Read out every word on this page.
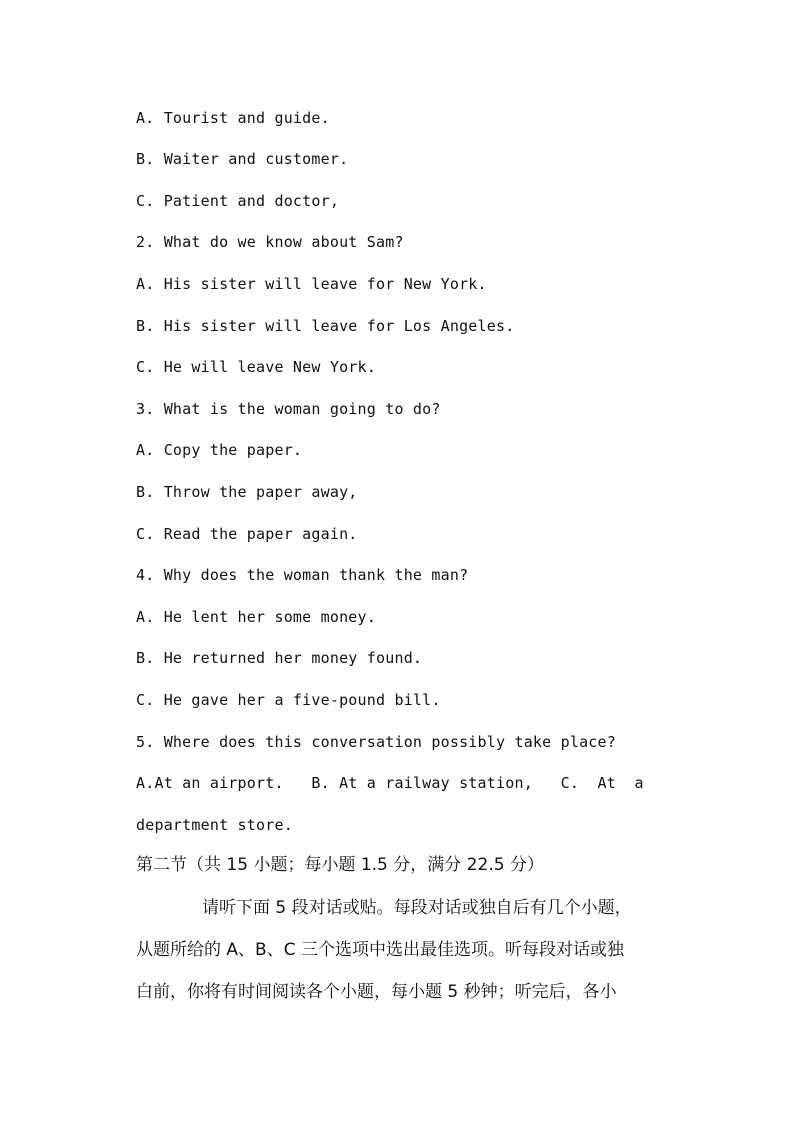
A. Tourist and guide.
B. Waiter and customer.
C. Patient and doctor,
2. What do we know about Sam?
A. His sister will leave for New York.
B. His sister will leave for Los Angeles.
C. He will leave New York.
3. What is the woman going to do?
A. Copy the paper.
B. Throw the paper away,
C. Read the paper again.
4. Why does the woman thank the man?
A. He lent her some money.
B. He returned her money found.
C. He gave her a five-pound bill.
5. Where does this conversation possibly take place?
A.At an airport.   B. At a railway station,   C.  At  a
department store.
第二节（共 15 小题；每小题 1.5 分，满分 22.5 分）
请听下面 5 段对话或贴。每段对话或独自后有几个小题，
从题所给的 A、B、C 三个选项中选出最佳选项。听每段对话或独
白前，你将有时间阅读各个小题，每小题 5 秒钟；听完后，各小
